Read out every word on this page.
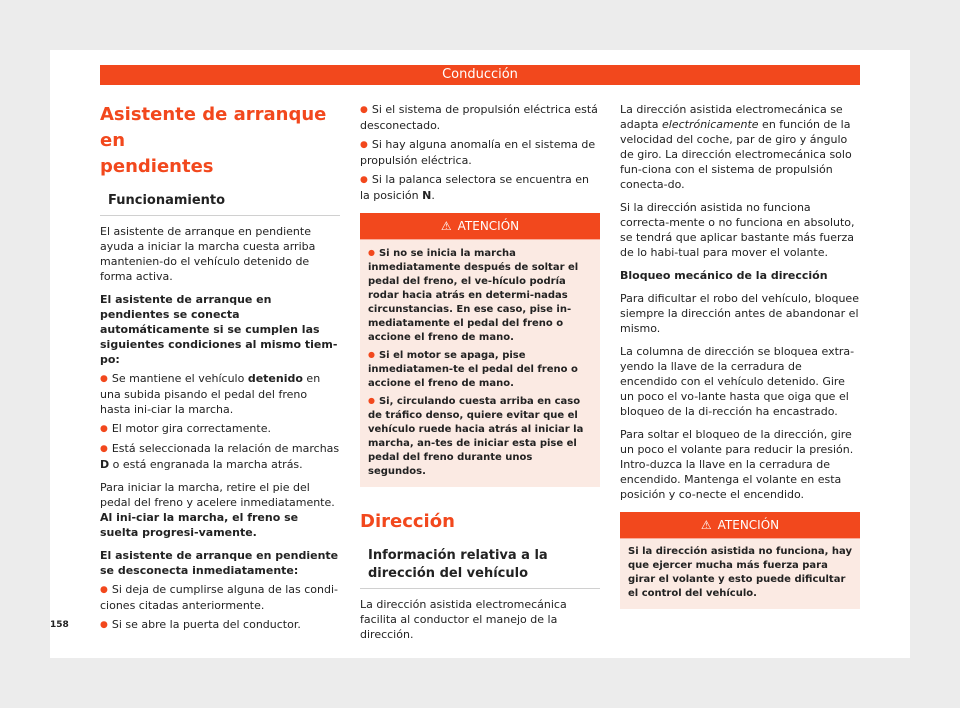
Conducción
Asistente de arranque en
pendientes
Funcionamiento
El asistente de arranque en pendiente ayuda a iniciar la marcha cuesta arriba mantenien-do el vehículo detenido de forma activa.
El asistente de arranque en pendientes se conecta automáticamente si se cumplen las siguientes condiciones al mismo tiem-po:
● Se mantiene el vehículo detenido en una subida pisando el pedal del freno hasta ini-ciar la marcha.
● El motor gira correctamente.
● Está seleccionada la relación de marchas D o está engranada la marcha atrás.
Para iniciar la marcha, retire el pie del pedal del freno y acelere inmediatamente. Al ini-ciar la marcha, el freno se suelta progresi-vamente.
El asistente de arranque en pendiente se desconecta inmediatamente:
● Si deja de cumplirse alguna de las condi-ciones citadas anteriormente.
● Si se abre la puerta del conductor.
● Si el sistema de propulsión eléctrica está desconectado.
● Si hay alguna anomalía en el sistema de propulsión eléctrica.
● Si la palanca selectora se encuentra en la posición N.
⚠ ATENCIÓN
● Si no se inicia la marcha inmediatamente después de soltar el pedal del freno, el ve-hículo podría rodar hacia atrás en determi-nadas circunstancias. En ese caso, pise in-mediatamente el pedal del freno o accione el freno de mano.
● Si el motor se apaga, pise inmediatamen-te el pedal del freno o accione el freno de mano.
● Si, circulando cuesta arriba en caso de tráfico denso, quiere evitar que el vehículo ruede hacia atrás al iniciar la marcha, an-tes de iniciar esta pise el pedal del freno durante unos segundos.
Dirección
Información relativa a la dirección del vehículo
La dirección asistida electromecánica facilita al conductor el manejo de la dirección.
La dirección asistida electromecánica se adapta electrónicamente en función de la velocidad del coche, par de giro y ángulo de giro. La dirección electromecánica solo fun-ciona con el sistema de propulsión conecta-do.
Si la dirección asistida no funciona correcta-mente o no funciona en absoluto, se tendrá que aplicar bastante más fuerza de lo habi-tual para mover el volante.
Bloqueo mecánico de la dirección
Para dificultar el robo del vehículo, bloquee siempre la dirección antes de abandonar el mismo.
La columna de dirección se bloquea extra-yendo la llave de la cerradura de encendido con el vehículo detenido. Gire un poco el vo-lante hasta que oiga que el bloqueo de la di-rección ha encastrado.
Para soltar el bloqueo de la dirección, gire un poco el volante para reducir la presión. Intro-duzca la llave en la cerradura de encendido. Mantenga el volante en esta posición y co-necte el encendido.
⚠ ATENCIÓN
Si la dirección asistida no funciona, hay que ejercer mucha más fuerza para girar el volante y esto puede dificultar el control del vehículo.
158
